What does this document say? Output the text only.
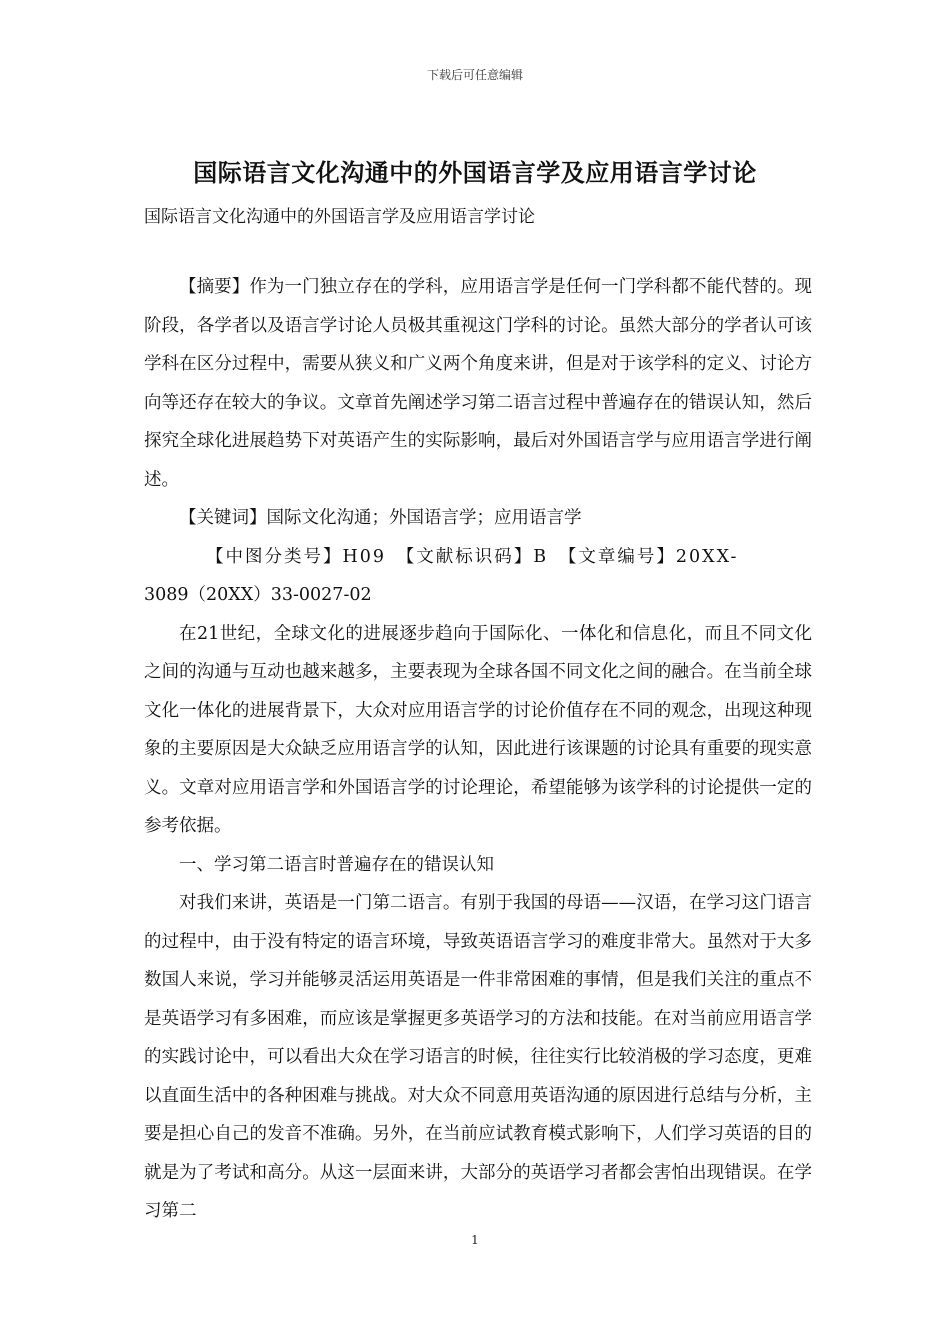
下载后可任意编辑
国际语言文化沟通中的外国语言学及应用语言学讨论
国际语言文化沟通中的外国语言学及应用语言学讨论

【摘要】作为一门独立存在的学科，应用语言学是任何一门学科都不能代替的。现阶段，各学者以及语言学讨论人员极其重视这门学科的讨论。虽然大部分的学者认可该学科在区分过程中，需要从狭义和广义两个角度来讲，但是对于该学科的定义、讨论方向等还存在较大的争议。文章首先阐述学习第二语言过程中普遍存在的错误认知，然后探究全球化进展趋势下对英语产生的实际影响，最后对外国语言学与应用语言学进行阐述。

【关键词】国际文化沟通；外国语言学；应用语言学

【中图分类号】H09　【文献标识码】B　【文章编号】20XX-

3089（20XX）33-0027-02

在21世纪，全球文化的进展逐步趋向于国际化、一体化和信息化，而且不同文化之间的沟通与互动也越来越多，主要表现为全球各国不同文化之间的融合。在当前全球文化一体化的进展背景下，大众对应用语言学的讨论价值存在不同的观念，出现这种现象的主要原因是大众缺乏应用语言学的认知，因此进行该课题的讨论具有重要的现实意义。文章对应用语言学和外国语言学的讨论理论，希望能够为该学科的讨论提供一定的参考依据。

一、学习第二语言时普遍存在的错误认知

对我们来讲，英语是一门第二语言。有别于我国的母语——汉语，在学习这门语言的过程中，由于没有特定的语言环境，导致英语语言学习的难度非常大。虽然对于大多数国人来说，学习并能够灵活运用英语是一件非常困难的事情，但是我们关注的重点不是英语学习有多困难，而应该是掌握更多英语学习的方法和技能。在对当前应用语言学的实践讨论中，可以看出大众在学习语言的时候，往往实行比较消极的学习态度，更难以直面生活中的各种困难与挑战。对大众不同意用英语沟通的原因进行总结与分析，主要是担心自己的发音不准确。另外，在当前应试教育模式影响下，人们学习英语的目的就是为了考试和高分。从这一层面来讲，大部分的英语学习者都会害怕出现错误。在学习第二

1
